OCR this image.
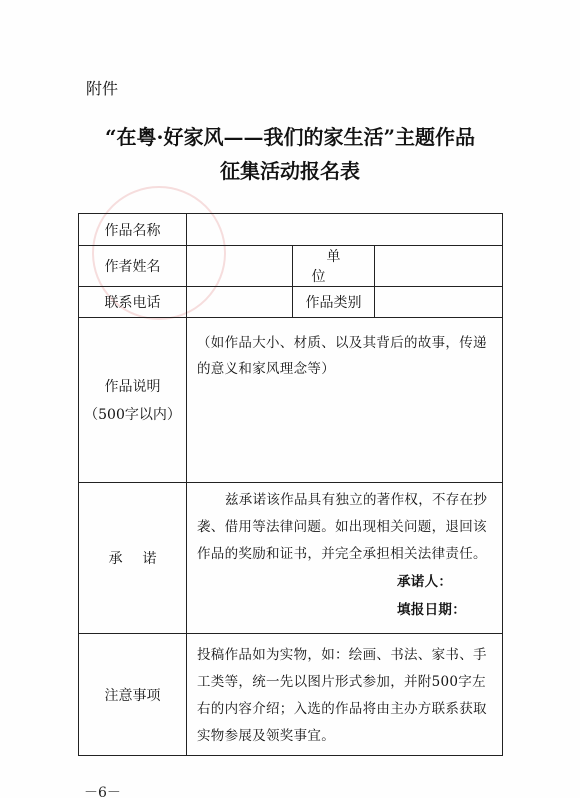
附件
“在粤·好家风——我们的家生活”主题作品
征集活动报名表
作品名称			
作者姓名		单位	
联系电话		作品类别	

作品说明
（500字以内）	（如作品大小、材质、以及其背后的故事，传递的意义和家风理念等）		
承诺	兹承诺该作品具有独立的著作权，不存在抄袭、借用等法律问题。如出现相关问题，退回该作品的奖励和证书，并完全承担相关法律责任。
承诺人：
填报日期：		

注意事项	投稿作品如为实物，如：绘画、书法、家书、手工类等，统一先以图片形式参加，并附500字左右的内容介绍；入选的作品将由主办方联系获取实物参展及领奖事宜。		
－6－
